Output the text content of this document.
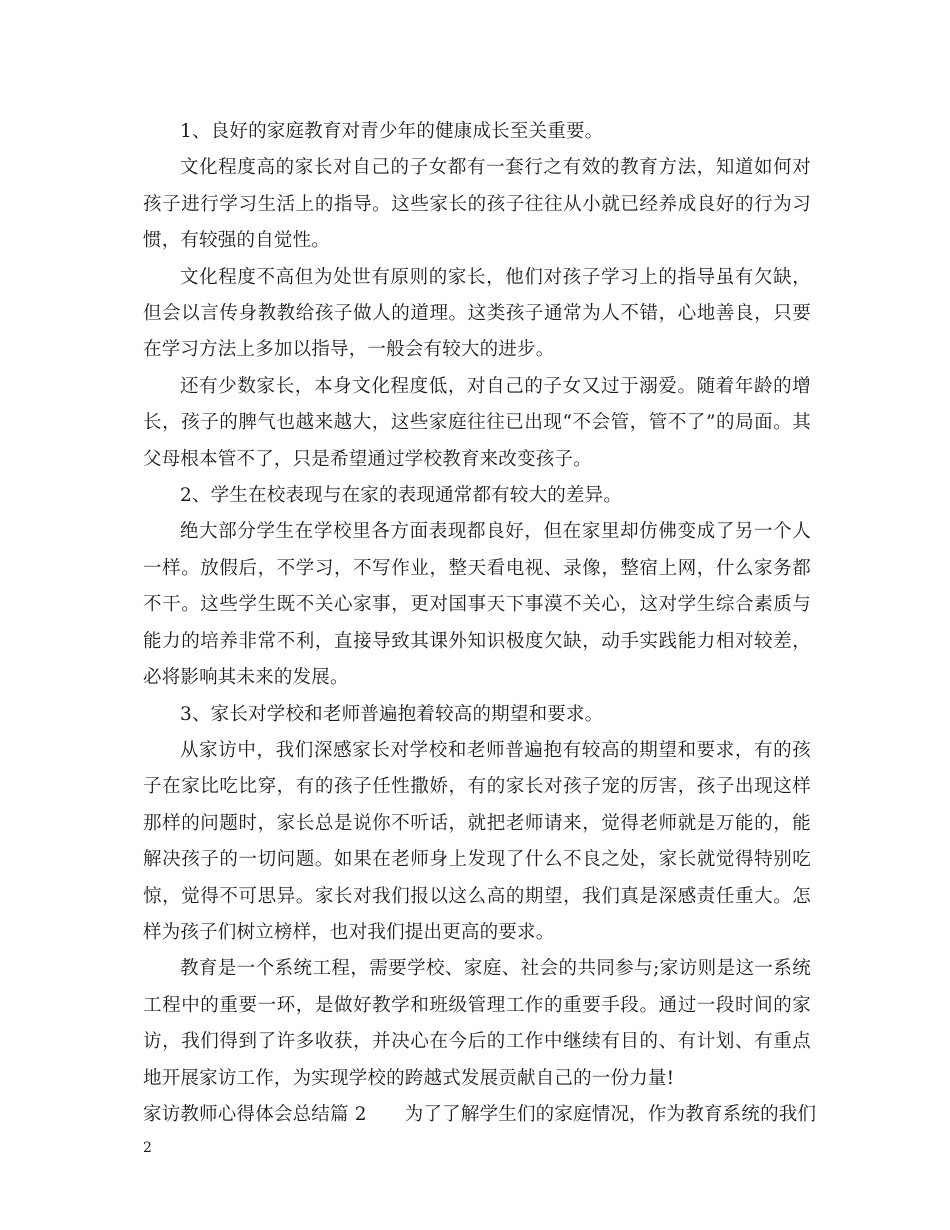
1、良好的家庭教育对青少年的健康成长至关重要。

文化程度高的家长对自己的子女都有一套行之有效的教育方法，知道如何对孩子进行学习生活上的指导。这些家长的孩子往往从小就已经养成良好的行为习惯，有较强的自觉性。

文化程度不高但为处世有原则的家长，他们对孩子学习上的指导虽有欠缺，但会以言传身教教给孩子做人的道理。这类孩子通常为人不错，心地善良，只要在学习方法上多加以指导，一般会有较大的进步。

还有少数家长，本身文化程度低，对自己的子女又过于溺爱。随着年龄的增长，孩子的脾气也越来越大，这些家庭往往已出现“不会管，管不了”的局面。其父母根本管不了，只是希望通过学校教育来改变孩子。

2、学生在校表现与在家的表现通常都有较大的差异。

绝大部分学生在学校里各方面表现都良好，但在家里却仿佛变成了另一个人一样。放假后，不学习，不写作业，整天看电视、录像，整宿上网，什么家务都不干。这些学生既不关心家事，更对国事天下事漠不关心，这对学生综合素质与能力的培养非常不利，直接导致其课外知识极度欠缺，动手实践能力相对较差，必将影响其未来的发展。

3、家长对学校和老师普遍抱着较高的期望和要求。

从家访中，我们深感家长对学校和老师普遍抱有较高的期望和要求，有的孩子在家比吃比穿，有的孩子任性撒娇，有的家长对孩子宠的厉害，孩子出现这样那样的问题时，家长总是说你不听话，就把老师请来，觉得老师就是万能的，能解决孩子的一切问题。如果在老师身上发现了什么不良之处，家长就觉得特别吃惊，觉得不可思异。家长对我们报以这么高的期望，我们真是深感责任重大。怎样为孩子们树立榜样，也对我们提出更高的要求。

教育是一个系统工程，需要学校、家庭、社会的共同参与;家访则是这一系统工程中的重要一环，是做好教学和班级管理工作的重要手段。通过一段时间的家访，我们得到了许多收获，并决心在今后的工作中继续有目的、有计划、有重点地开展家访工作，为实现学校的跨越式发展贡献自己的一份力量!

家访教师心得体会总结篇 2 为了了解学生们的家庭情况，作为教育系统的我们

2
